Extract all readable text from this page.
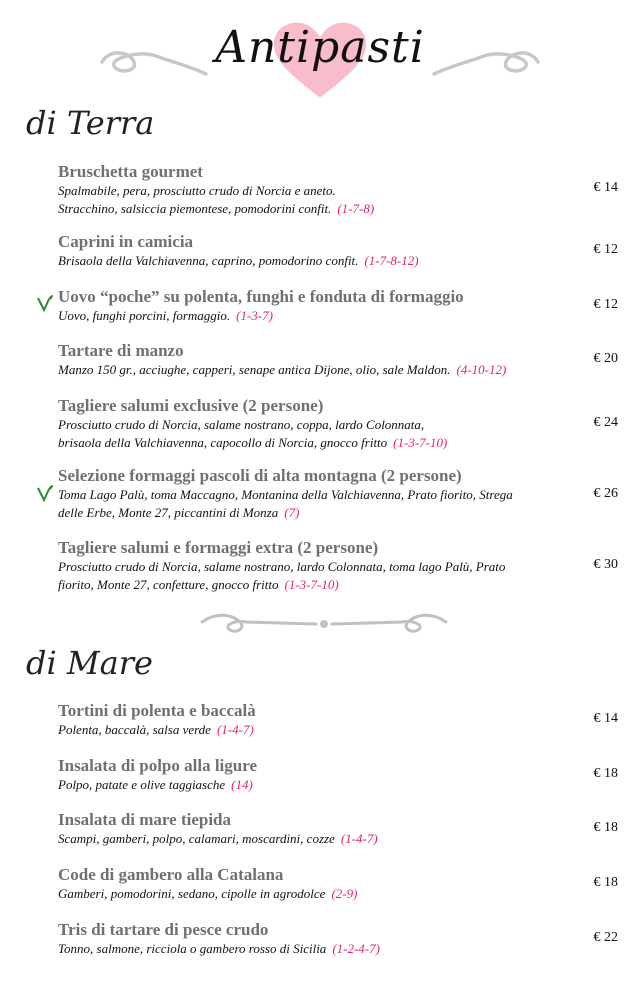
Antipasti
di Terra
Bruschetta gourmet
Spalmabile, pera, prosciutto crudo di Norcia e aneto.
Stracchino, salsiccia piemontese, pomodorini confit. (1-7-8)
€ 14
Caprini in camicia
Brisaola della Valchiavenna, caprino, pomodorino confit. (1-7-8-12)
€ 12
Uovo “poche” su polenta, funghi e fonduta di formaggio
Uovo, funghi porcini, formaggio. (1-3-7)
€ 12
Tartare di manzo
Manzo 150 gr., acciughe, capperi, senape antica Dijone, olio, sale Maldon. (4-10-12)
€ 20
Tagliere salumi exclusive (2 persone)
Prosciutto crudo di Norcia, salame nostrano, coppa, lardo Colonnata,
brisaola della Valchiavenna, capocollo di Norcia, gnocco fritto (1-3-7-10)
€ 24
Selezione formaggi pascoli di alta montagna (2 persone)
Toma Lago Palù, toma Maccagno, Montanina della Valchiavenna, Prato fiorito, Strega
delle Erbe, Monte 27, piccantini di Monza (7)
€ 26
Tagliere salumi e formaggi extra (2 persone)
Prosciutto crudo di Norcia, salame nostrano, lardo Colonnata, toma lago Palù, Prato
fiorito, Monte 27, confetture, gnocco fritto (1-3-7-10)
€ 30
di Mare
Tortini di polenta e baccalà
Polenta, baccalà, salsa verde (1-4-7)
€ 14
Insalata di polpo alla ligure
Polpo, patate e olive taggiasche (14)
€ 18
Insalata di mare tiepida
Scampi, gamberi, polpo, calamari, moscardini, cozze (1-4-7)
€ 18
Code di gambero alla Catalana
Gamberi, pomodorini, sedano, cipolle in agrodolce (2-9)
€ 18
Tris di tartare di pesce crudo
Tonno, salmone, ricciola o gambero rosso di Sicilia (1-2-4-7)
€ 22
